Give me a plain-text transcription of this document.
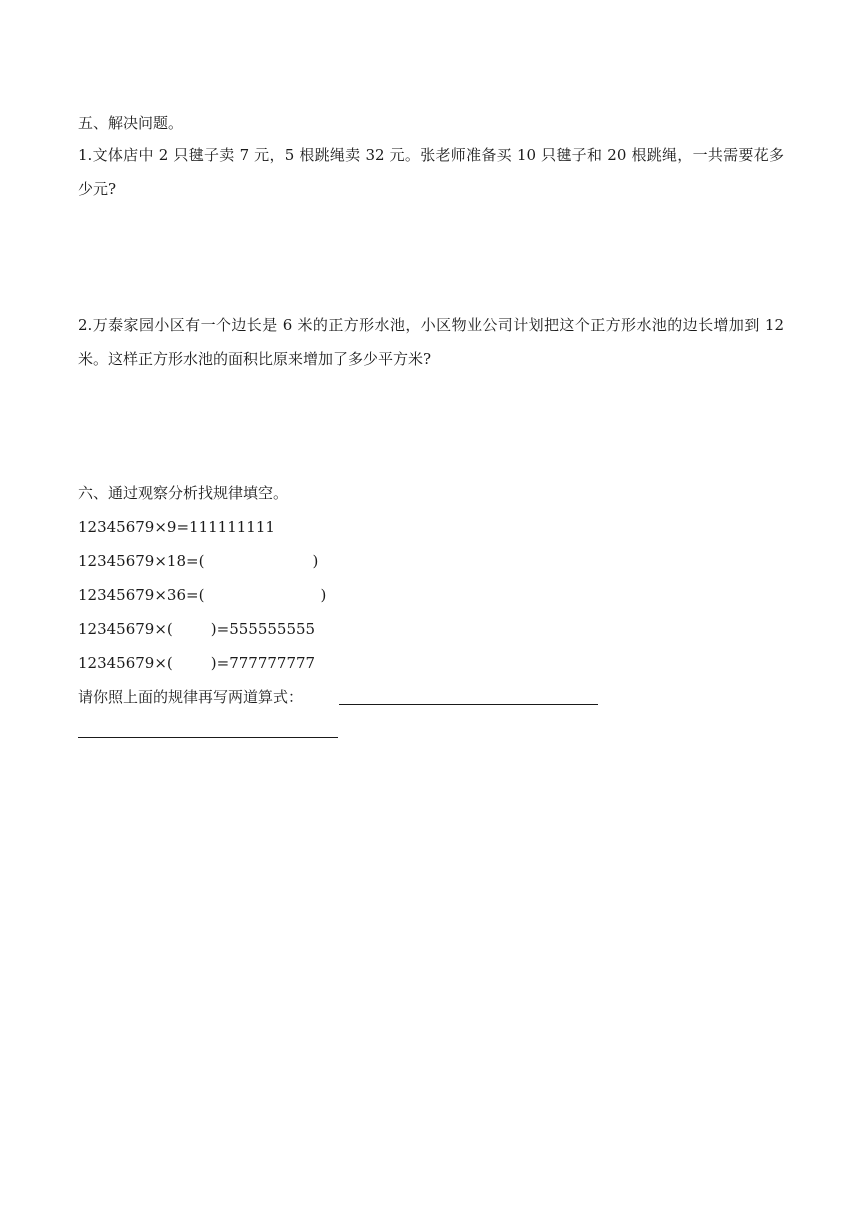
五、解决问题。
1.文体店中 2 只毽子卖 7 元，5 根跳绳卖 32 元。张老师准备买 10 只毽子和 20 根跳绳，一共需要花多少元?
2.万泰家园小区有一个边长是 6 米的正方形水池，小区物业公司计划把这个正方形水池的边长增加到 12 米。这样正方形水池的面积比原来增加了多少平方米?
六、通过观察分析找规律填空。
12345679×9=111111111
12345679×18=(	)
12345679×36=(	)
12345679×(	)=555555555
12345679×(	)=777777777
请你照上面的规律再写两道算式：
